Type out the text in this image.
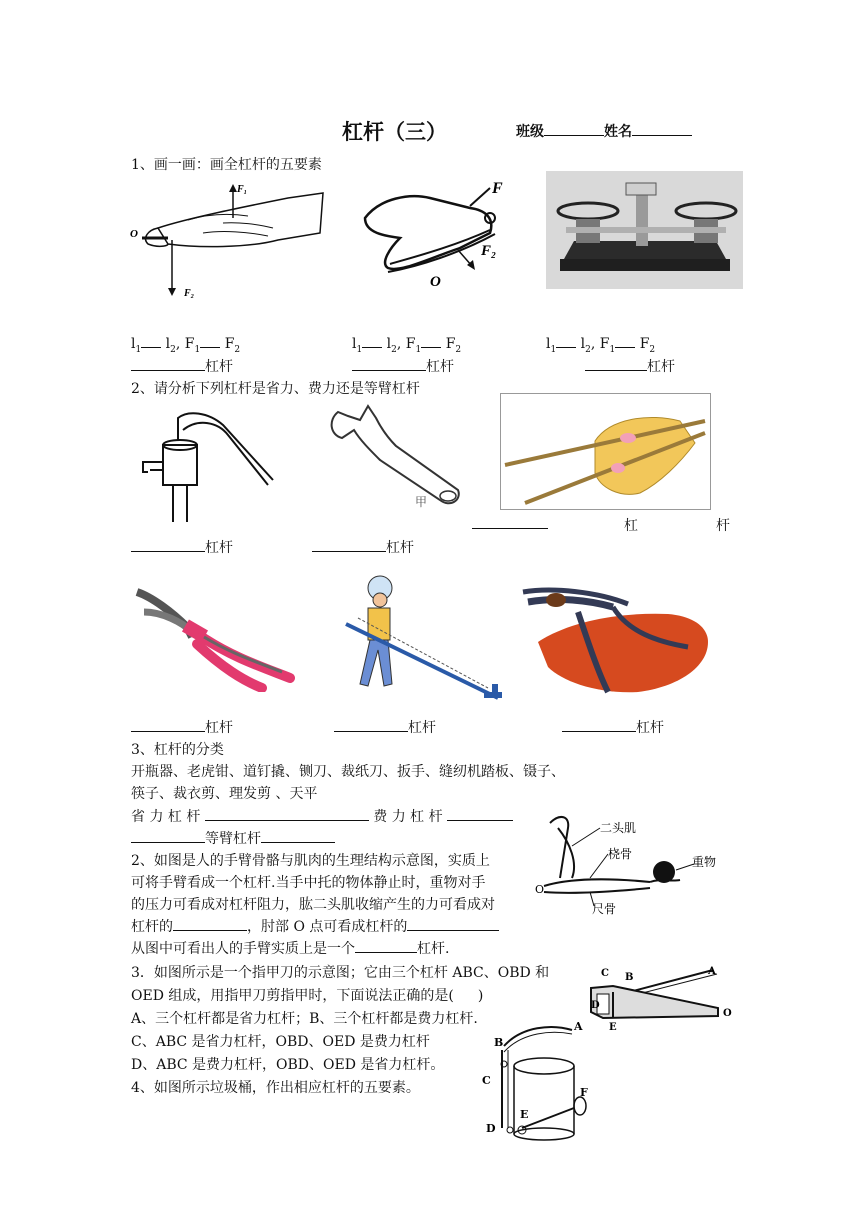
杠杆（三）	班级	姓名
1、画一画：画全杠杆的五要素
F₁
O
F₂
F
F₂
O
$l_1$ $l_2$, $F_1$ $F_2$	$l_1$ $l_2$, $F_1$ $F_2$	$l_1$ $l_2$, $F_1$ $F_2$
杠杆	杠杆	杠杆
2、请分析下列杠杆是省力、费力还是等臂杠杆
甲
杠	杆
杠杆	杠杆
杠杆	杠杆	杠杆
3、杠杆的分类
开瓶器、老虎钳、道钉撬、铡刀、裁纸刀、扳手、缝纫机踏板、镊子、
筷子、裁衣剪、理发剪 、天平
省 力 杠 杆	费 力 杠 杆
等臂杠杆
2、如图是人的手臂骨骼与肌肉的生理结构示意图，实质上
可将手臂看成一个杠杆.当手中托的物体静止时，重物对手
的压力可看成对杠杆阻力，肱二头肌收缩产生的力可看成对
杠杆的	，肘部 O 点可看成杠杆的
从图中可看出人的手臂实质上是一个	杠杆.
二头肌
桡骨
重物
尺骨
O
3．如图所示是一个指甲刀的示意图；它由三个杠杆 ABC、OBD 和
OED 组成，用指甲刀剪指甲时，下面说法正确的是( )
A、三个杠杆都是省力杠杆；B、三个杠杆都是费力杠杆.
C、ABC 是省力杠杆，OBD、OED 是费力杠杆
D、ABC 是费力杠杆，OBD、OED 是省力杠杆。
C B
A
D
E
O
4、如图所示垃圾桶，作出相应杠杆的五要素。
A
B
C
D
E
F
